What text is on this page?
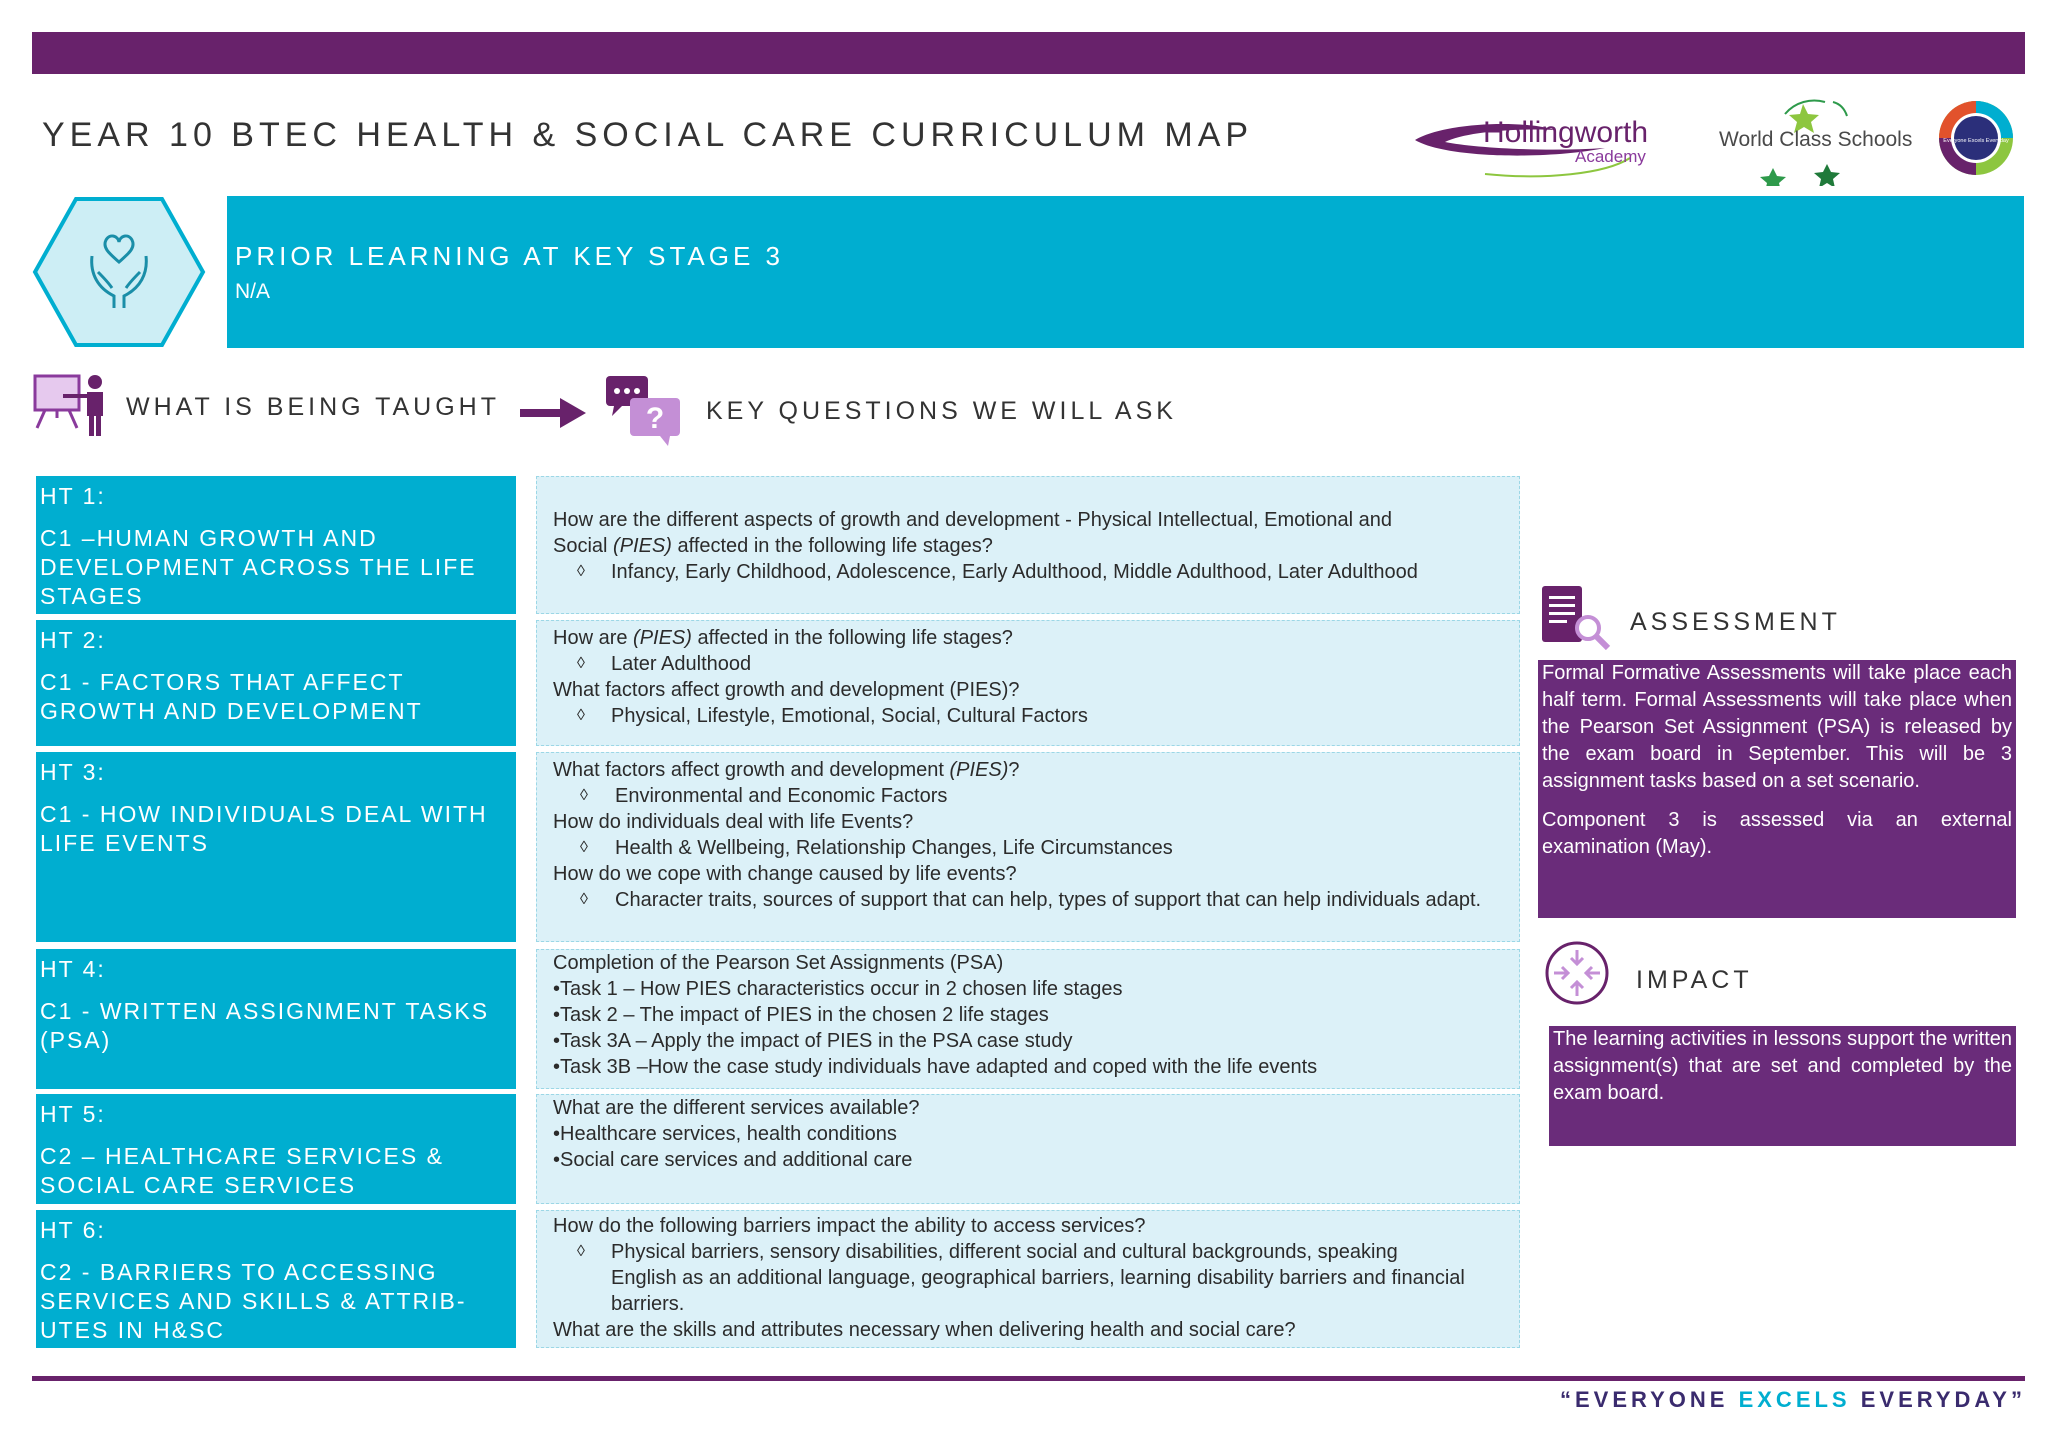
YEAR 10 BTEC HEALTH & SOCIAL CARE CURRICULUM MAP	Hollingworth
Academy
World Class Schools	Everyone Excels Everyday
PRIOR LEARNING AT KEY STAGE 3
N/A
WHAT IS BEING TAUGHT	? KEY QUESTIONS WE WILL ASK
HT 1:
C1 –HUMAN GROWTH AND DEVELOPMENT ACROSS THE LIFE STAGES
How are the different aspects of growth and development - Physical Intellectual, Emotional and
Social (PIES) affected in the following life stages?
◊ Infancy, Early Childhood, Adolescence, Early Adulthood, Middle Adulthood, Later Adulthood
HT 2:
C1 - FACTORS THAT AFFECT GROWTH AND DEVELOPMENT
How are (PIES) affected in the following life stages?
◊ Later Adulthood
What factors affect growth and development (PIES)?
◊ Physical, Lifestyle, Emotional, Social, Cultural Factors
HT 3:
C1 - HOW INDIVIDUALS DEAL WITH LIFE EVENTS
What factors affect growth and development (PIES)?
◊ Environmental and Economic Factors
How do individuals deal with life Events?
◊ Health & Wellbeing, Relationship Changes, Life Circumstances
How do we cope with change caused by life events?
◊ Character traits, sources of support that can help, types of support that can help individuals adapt.
HT 4:
C1 - WRITTEN ASSIGNMENT TASKS (PSA)
Completion of the Pearson Set Assignments (PSA)
•Task 1 – How PIES characteristics occur in 2 chosen life stages
•Task 2 – The impact of PIES in the chosen 2 life stages
•Task 3A – Apply the impact of PIES in the PSA case study
•Task 3B –How the case study individuals have adapted and coped with the life events
HT 5:
C2 – HEALTHCARE SERVICES & SOCIAL CARE SERVICES
What are the different services available?
•Healthcare services, health conditions
•Social care services and additional care
HT 6:
C2 - BARRIERS TO ACCESSING SERVICES AND SKILLS & ATTRIB-UTES IN H&SC
How do the following barriers impact the ability to access services?
◊ Physical barriers, sensory disabilities, different social and cultural backgrounds, speaking English as an additional language, geographical barriers, learning disability barriers and financial barriers.
What are the skills and attributes necessary when delivering health and social care?
ASSESSMENT

Formal Formative Assessments will take place each half term. Formal Assessments will take place when the Pearson Set Assignment (PSA) is released by the exam board in September. This will be 3 assignment tasks based on a set scenario.

Component 3 is assessed via an external examination (May).

IMPACT

The learning activities in lessons support the written assignment(s) that are set and completed by the exam board.

“EVERYONE EXCELS EVERYDAY”
